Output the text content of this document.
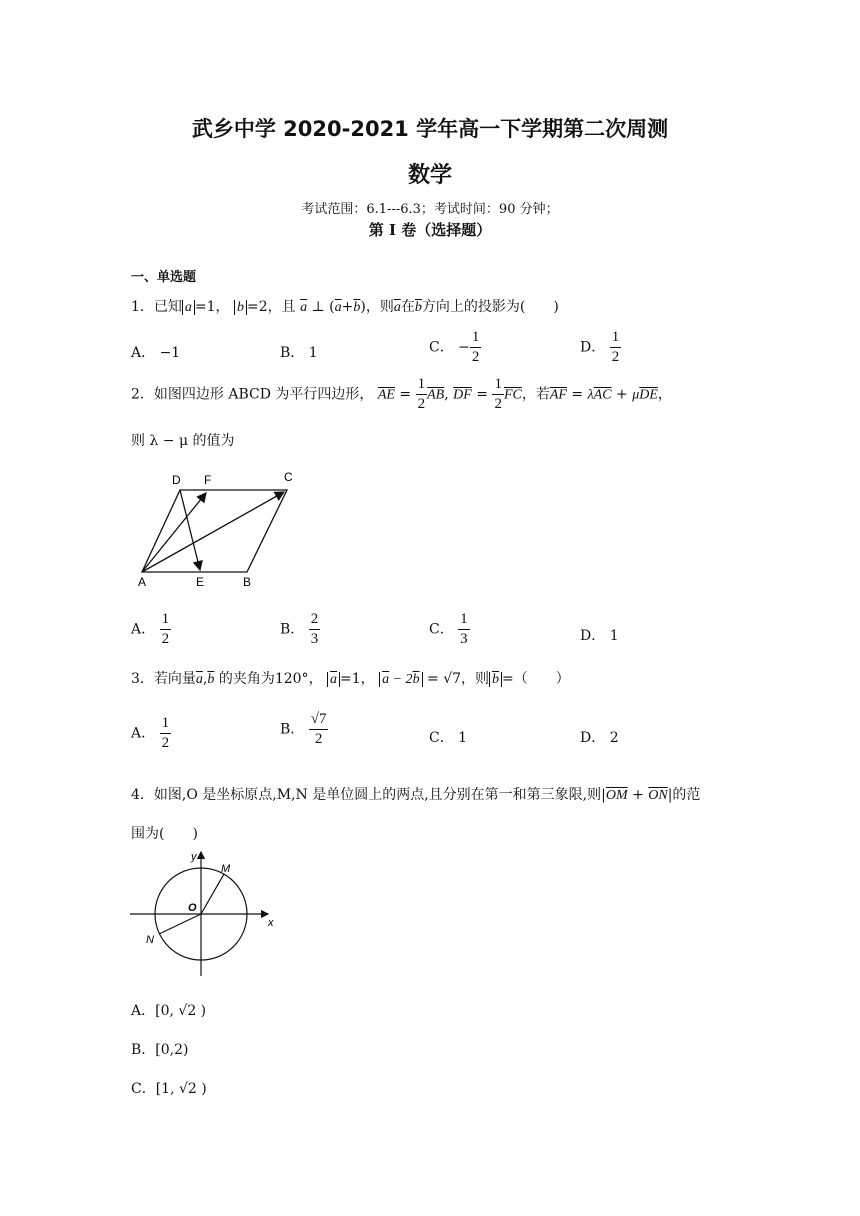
武乡中学 2020-2021 学年高一下学期第二次周测
数学
考试范围：6.1---6.3；考试时间：90 分钟；
第 I 卷（选择题）
一、单选题
1．已知 a =1， b =2，且 $\overline{a}$ ⊥ $(\overline{a}+\overline{b})$，则$\overline{a}$在$\overline{b}$方向上的投影为(　　)
A． −1	B． 1	C． − $\frac{1}{2}$	D． $\frac{1}{2}$
2．如图四边形 ABCD 为平行四边形， $\overline{AE} = \frac{1}{2} \overline{AB}$, $\overline{DF} = \frac{1}{2} \overline{FC}$，若$\overline{AF} = \lambda\overline{AC} + \mu\overline{DE}$，
则 λ − μ 的值为
D F	C
A	E	B
A． $\frac{1}{2}$	B． $\frac{2}{3}$	C． $\frac{1}{3}$	D． 1
3．若向量$\overline{a},\overline{b}$ 的夹角为120°， $\overline{a} =1$， $\overline{a} - 2\overline{b} = √7$，则 $\overline{b}$ =（　　）
A． $\frac{1}{2}$	B． $\frac{√7}{2}$	C． 1	D． 2
4．如图,O 是坐标原点,M,N 是单位圆上的两点,且分别在第一和第三象限,则$|\overline{OM} + \overline{ON}|$的范
围为(　　)
x
y
O
M
N
A．[0, √2 )
B．[0,2)
C．[1, √2 )
